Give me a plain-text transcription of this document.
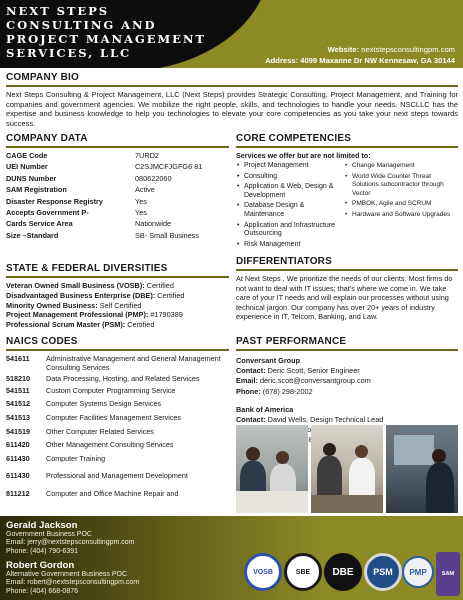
NEXT STEPS CONSULTING AND PROJECT MANAGEMENT SERVICES, LLC	Website: nextstepsconsultingpm.com
Address: 4099 Maxanne Dr NW Kennesaw, GA 30144
COMPANY BIO

Next Steps Consulting & Project Management, LLC (Next Steps) provides Strategic Consulting, Project Management, and Training for companies and government agencies. We mobilize the right people, skills, and technologies to handle your needs. NSCLLC has the expertise and business knowledge to help you technologies to elevate your core competencies as you take your next steps towards success.

COMPANY DATA
CAGE Code	7URD2
UEI Number	C2SJMCFJGFG6 81
DUNS Number	080622060
SAM Registration	Active
Disaster Response Registry	Yes
Accepts Government P-	Yes
Cards Service Area	Nationwide
Size –Standard	SB- Small Business
CORE COMPETENCIES
Services we offer but are not limited to:
• Project Management
• Consulting
• Application & Web, Design & Development
• Database Design & Maintenance
• Application and Infrastructure Outsourcing
• Risk Management
• Change Management
• World Wide Counter Threat Solutions subcontractor through Vector
• PMBOK, Agile and SCRUM
• Hardware and Software Upgrades
STATE & FEDERAL DIVERSITIES
Veteran Owned Small Business (VOSB): Certified
Disadvantaged Business Enterprise (DBE): Certified
Minority Owned Business: Self Certified
Project Management Professional (PMP): #1790389
Professional Scrum Master (PSM): Certified
DIFFERENTIATORS

At Next Steps , We prioritize the needs of our clients. Most firms do not want to deal with IT issues; that's where we come in. We take care of your IT needs and will explain our processes without using technical jargon. Our company has over 20+ years of industry experience in IT, Telcom, Banking, and Law.

NAICS CODES
541611	Administrative Management and General Management Consulting Services
518210	Data Processing, Hosting, and Related Services
541511	Custom Computer Programming Service
541512	Computer Systems Design Services
541513	Computer Facilities Management Services
541519	Other Computer Related Services
611420	Other Management Consulting Services
611430	Computer Training
611430	Professional and Management Development
811212	Computer and Office Machine Repair and
PAST PERFORMANCE
Conversant Group
Contact: Deric Scott, Senior Engineer
Email: deric.scott@conversantgroup.com
Phone: (678) 298-2002
Bank of America
Contact: David Wells, Design Technical Lead
Gerald Jackson
Government Business POC
Email: jerry@nextstepsconsultingpm.com
Phone: (404) 790-6391
Robert Gordon
Alternative Government Business POC
Email: robert@nextstepsconsultingpm.com
Phone: (404) 668-0876
VOSB	SBE	DBE	PSM	PMP	SAM
